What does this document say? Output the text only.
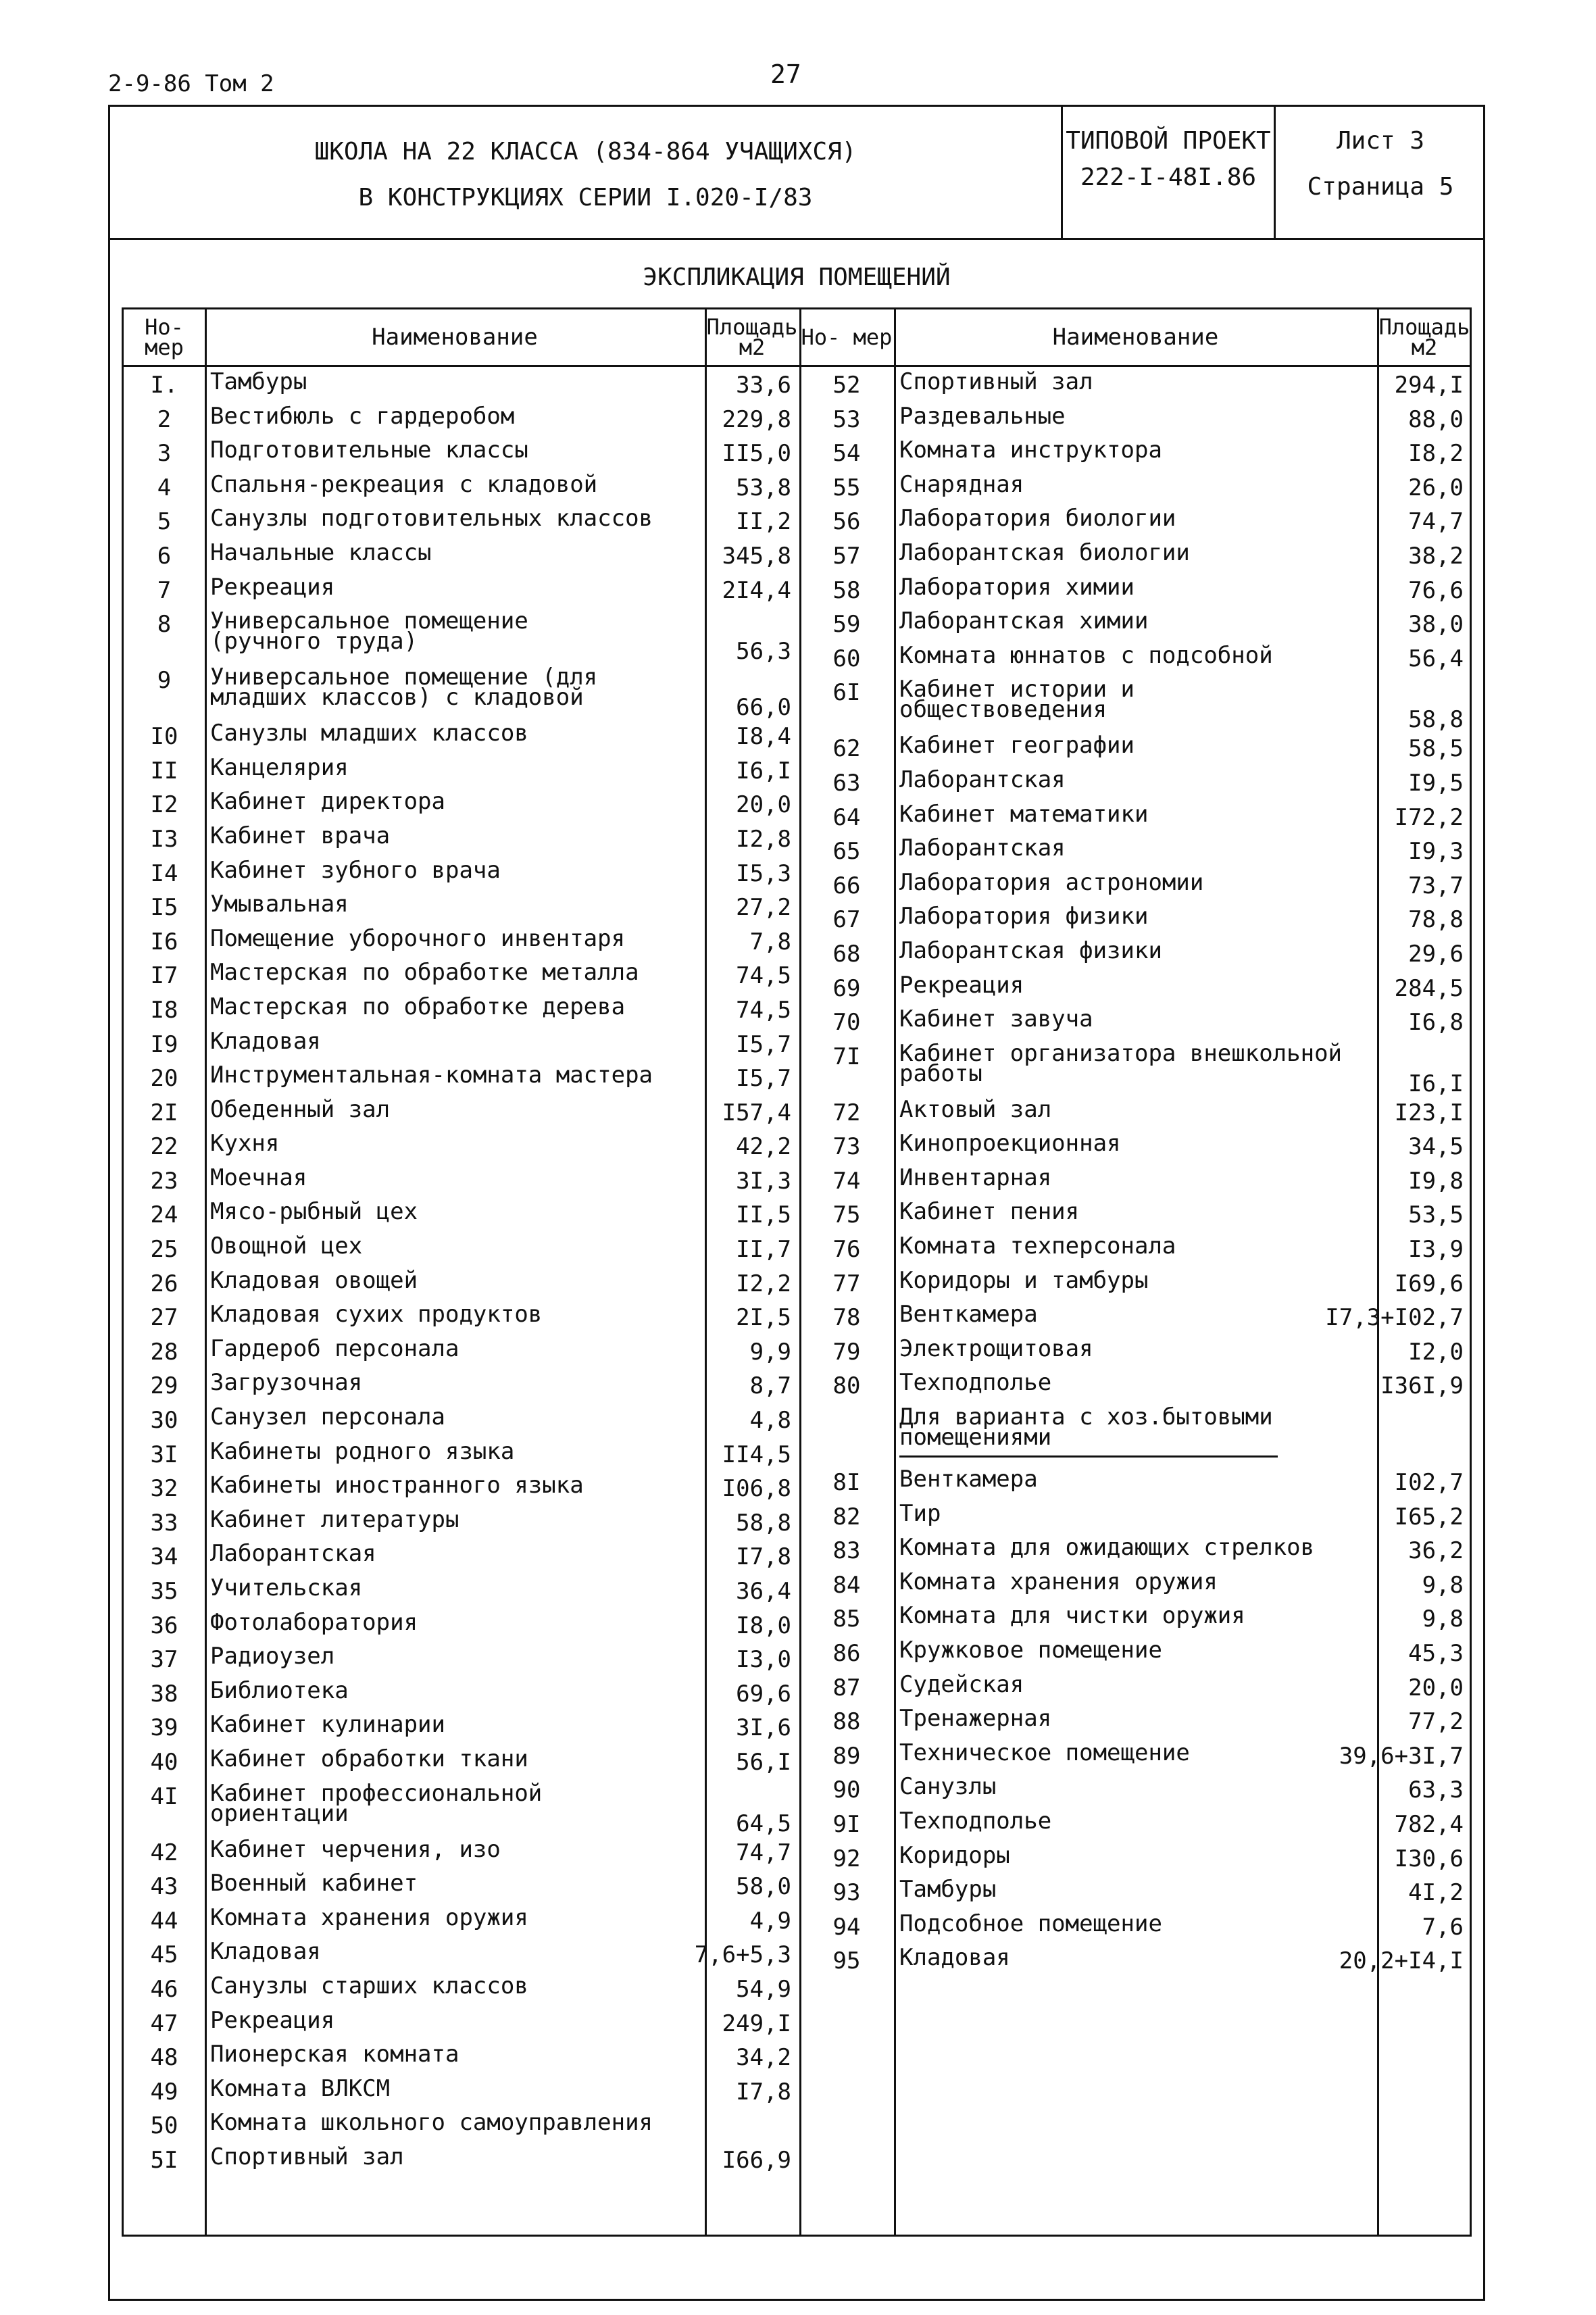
2-9-86 Том 2	27
ШКОЛА НА 22 КЛАССА (834-864 УЧАЩИХСЯ)
В КОНСТРУКЦИЯХ СЕРИИ I.020-I/83
ТИПОВОЙ ПРОЕКТ
222-I-48I.86
Лист 3
Страница 5
ЭКСПЛИКАЦИЯ ПОМЕЩЕНИЙ
Но- мер	Наименование	Площадь м2	Но- мер	Наименование	Площадь м2
I.	Тамбуры	33,6
2	Вестибюль с гардеробом	229,8
3	Подготовительные классы	II5,0
4	Спальня-рекреация с кладовой	53,8
5	Санузлы подготовительных классов	II,2
6	Начальные классы	345,8
7	Рекреация	2I4,4
8	Универсальное помещение
(ручного труда)	56,3
9	Универсальное помещение (для
младших классов) с кладовой	66,0
I0	Санузлы младших классов	I8,4
II	Канцелярия	I6,I
I2	Кабинет директора	20,0
I3	Кабинет врача	I2,8
I4	Кабинет зубного врача	I5,3
I5	Умывальная	27,2
I6	Помещение уборочного инвентаря	7,8
I7	Мастерская по обработке металла	74,5
I8	Мастерская по обработке дерева	74,5
I9	Кладовая	I5,7
20	Инструментальная-комната мастера	I5,7
2I	Обеденный зал	I57,4
22	Кухня	42,2
23	Моечная	3I,3
24	Мясо-рыбный цех	II,5
25	Овощной цех	II,7
26	Кладовая овощей	I2,2
27	Кладовая сухих продуктов	2I,5
28	Гардероб персонала	9,9
29	Загрузочная	8,7
30	Санузел персонала	4,8
3I	Кабинеты родного языка	II4,5
32	Кабинеты иностранного языка	I06,8
33	Кабинет литературы	58,8
34	Лаборантская	I7,8
35	Учительская	36,4
36	Фотолаборатория	I8,0
37	Радиоузел	I3,0
38	Библиотека	69,6
39	Кабинет кулинарии	3I,6
40	Кабинет обработки ткани	56,I
4I	Кабинет профессиональной
ориентации	64,5
42	Кабинет черчения, изо	74,7
43	Военный кабинет	58,0
44	Комната хранения оружия	4,9
45	Кладовая	7,6+5,3
46	Санузлы старших классов	54,9
47	Рекреация	249,I
48	Пионерская комната	34,2
49	Комната ВЛКСМ	I7,8
50	Комната школьного самоуправления
5I	Спортивный зал	I66,9
52	Спортивный зал	294,I
53	Раздевальные	88,0
54	Комната инструктора	I8,2
55	Снарядная	26,0
56	Лаборатория биологии	74,7
57	Лаборантская биологии	38,2
58	Лаборатория химии	76,6
59	Лаборантская химии	38,0
60	Комната юннатов с подсобной	56,4
6I	Кабинет истории и
обществоведения	58,8
62	Кабинет географии	58,5
63	Лаборантская	I9,5
64	Кабинет математики	I72,2
65	Лаборантская	I9,3
66	Лаборатория астрономии	73,7
67	Лаборатория физики	78,8
68	Лаборантская физики	29,6
69	Рекреация	284,5
70	Кабинет завуча	I6,8
7I	Кабинет организатора внешкольной
работы	I6,I
72	Актовый зал	I23,I
73	Кинопроекционная	34,5
74	Инвентарная	I9,8
75	Кабинет пения	53,5
76	Комната техперсонала	I3,9
77	Коридоры и тамбуры	I69,6
78	Венткамера	I7,3+I02,7
79	Электрощитовая	I2,0
80	Техподполье	I36I,9
Для варианта с хоз.бытовыми
помещениями
8I	Венткамера	I02,7
82	Тир	I65,2
83	Комната для ожидающих стрелков	36,2
84	Комната хранения оружия	9,8
85	Комната для чистки оружия	9,8
86	Кружковое помещение	45,3
87	Судейская	20,0
88	Тренажерная	77,2
89	Техническое помещение	39,6+3I,7
90	Санузлы	63,3
9I	Техподполье	782,4
92	Коридоры	I30,6
93	Тамбуры	4I,2
94	Подсобное помещение	7,6
95	Кладовая	20,2+I4,I
